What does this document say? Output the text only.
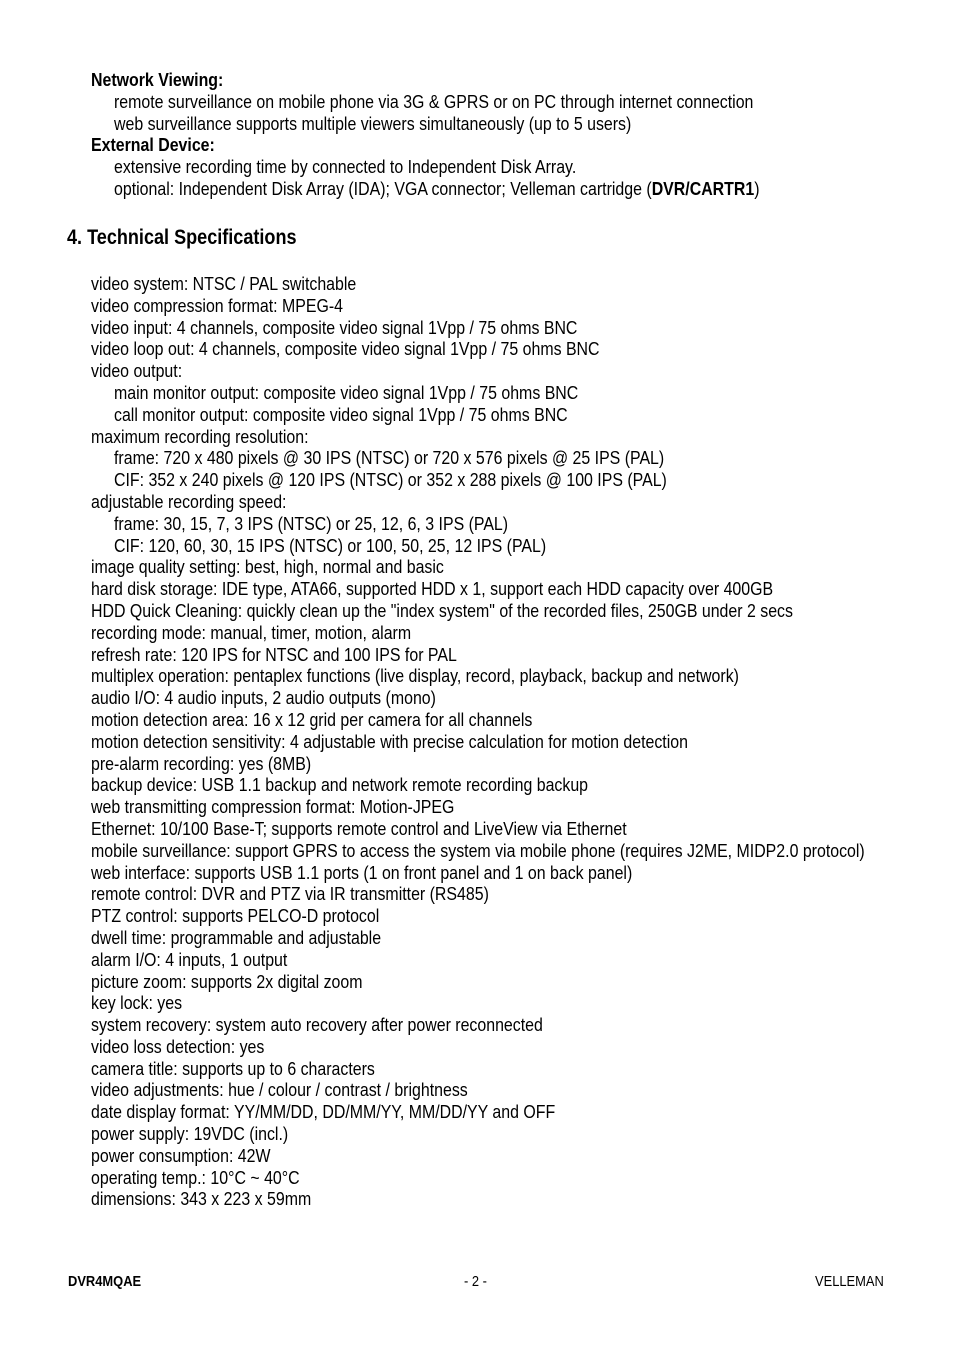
Network Viewing:
remote surveillance on mobile phone via 3G & GPRS or on PC through internet connection
web surveillance supports multiple viewers simultaneously (up to 5 users)
External Device:
extensive recording time by connected to Independent Disk Array.
optional: Independent Disk Array (IDA); VGA connector; Velleman cartridge (DVR/CARTR1)
4. Technical Specifications
video system: NTSC / PAL switchable
video compression format: MPEG-4
video input: 4 channels, composite video signal 1Vpp / 75 ohms BNC
video loop out: 4 channels, composite video signal 1Vpp / 75 ohms BNC
video output:
main monitor output: composite video signal 1Vpp / 75 ohms BNC
call monitor output: composite video signal 1Vpp / 75 ohms BNC
maximum recording resolution:
frame: 720 x 480 pixels @ 30 IPS (NTSC) or 720 x 576 pixels @ 25 IPS (PAL)
CIF: 352 x 240 pixels @ 120 IPS (NTSC) or 352 x 288 pixels @ 100 IPS (PAL)
adjustable recording speed:
frame: 30, 15, 7, 3 IPS (NTSC) or 25, 12, 6, 3 IPS (PAL)
CIF: 120, 60, 30, 15 IPS (NTSC) or 100, 50, 25, 12 IPS (PAL)
image quality setting: best, high, normal and basic
hard disk storage: IDE type, ATA66, supported HDD x 1, support each HDD capacity over 400GB
HDD Quick Cleaning: quickly clean up the "index system" of the recorded files, 250GB under 2 secs
recording mode: manual, timer, motion, alarm
refresh rate: 120 IPS for NTSC and 100 IPS for PAL
multiplex operation: pentaplex functions (live display, record, playback, backup and network)
audio I/O: 4 audio inputs, 2 audio outputs (mono)
motion detection area: 16 x 12 grid per camera for all channels
motion detection sensitivity: 4 adjustable with precise calculation for motion detection
pre-alarm recording: yes (8MB)
backup device: USB 1.1 backup and network remote recording backup
web transmitting compression format: Motion-JPEG
Ethernet: 10/100 Base-T; supports remote control and LiveView via Ethernet
mobile surveillance: support GPRS to access the system via mobile phone (requires J2ME, MIDP2.0 protocol)
web interface: supports USB 1.1 ports (1 on front panel and 1 on back panel)
remote control: DVR and PTZ via IR transmitter (RS485)
PTZ control: supports PELCO-D protocol
dwell time: programmable and adjustable
alarm I/O: 4 inputs, 1 output
picture zoom: supports 2x digital zoom
key lock: yes
system recovery: system auto recovery after power reconnected
video loss detection: yes
camera title: supports up to 6 characters
video adjustments: hue / colour / contrast / brightness
date display format: YY/MM/DD, DD/MM/YY, MM/DD/YY and OFF
power supply: 19VDC (incl.)
power consumption: 42W
operating temp.: 10°C ~ 40°C
dimensions: 343 x 223 x 59mm
DVR4MQAE	- 2 -	VELLEMAN
